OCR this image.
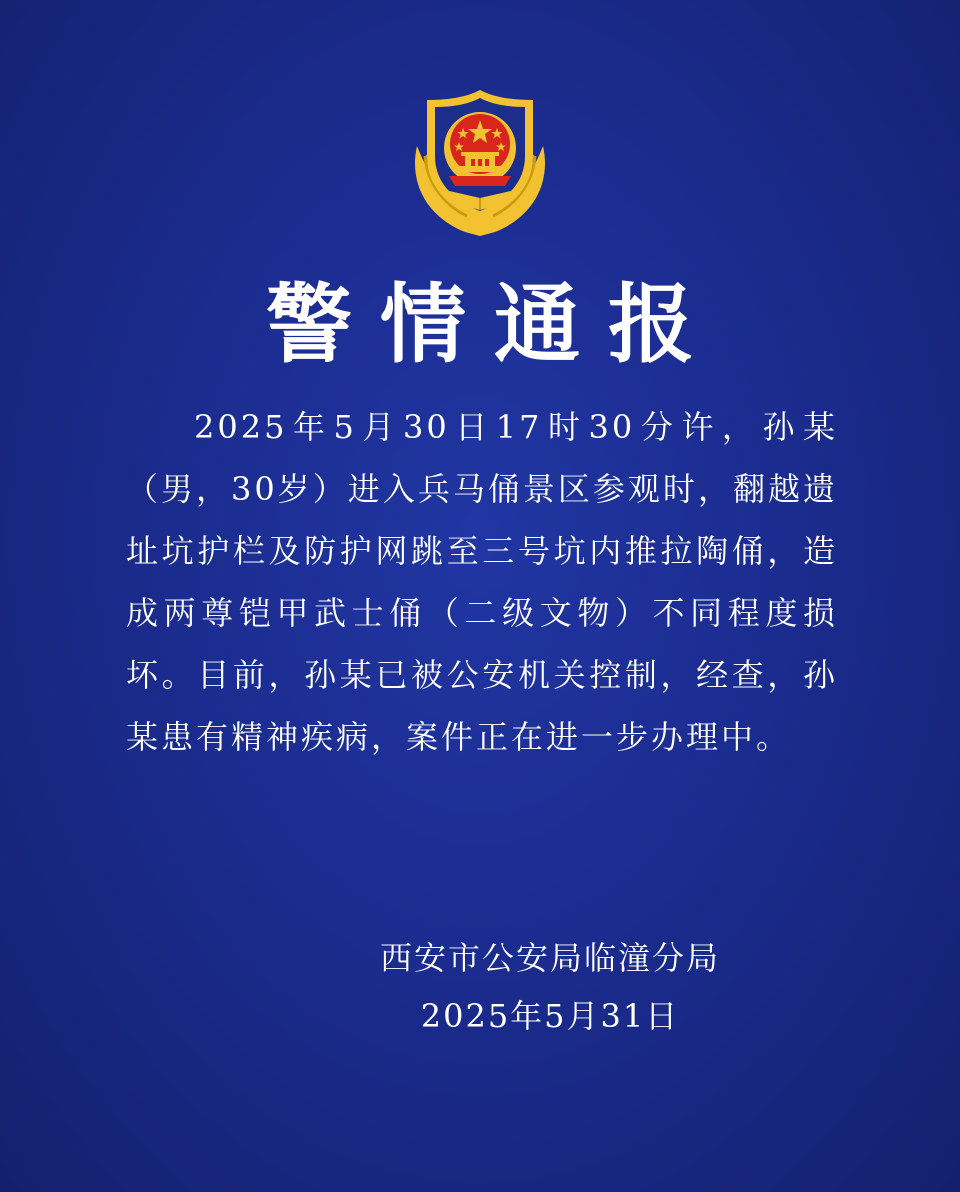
警情通报

2025年5月30日17时30分许，孙某（男，30岁）进入兵马俑景区参观时，翻越遗址坑护栏及防护网跳至三号坑内推拉陶俑，造成两尊铠甲武士俑（二级文物）不同程度损坏。目前，孙某已被公安机关控制，经查，孙某患有精神疾病，案件正在进一步办理中。

西安市公安局临潼分局

2025年5月31日
